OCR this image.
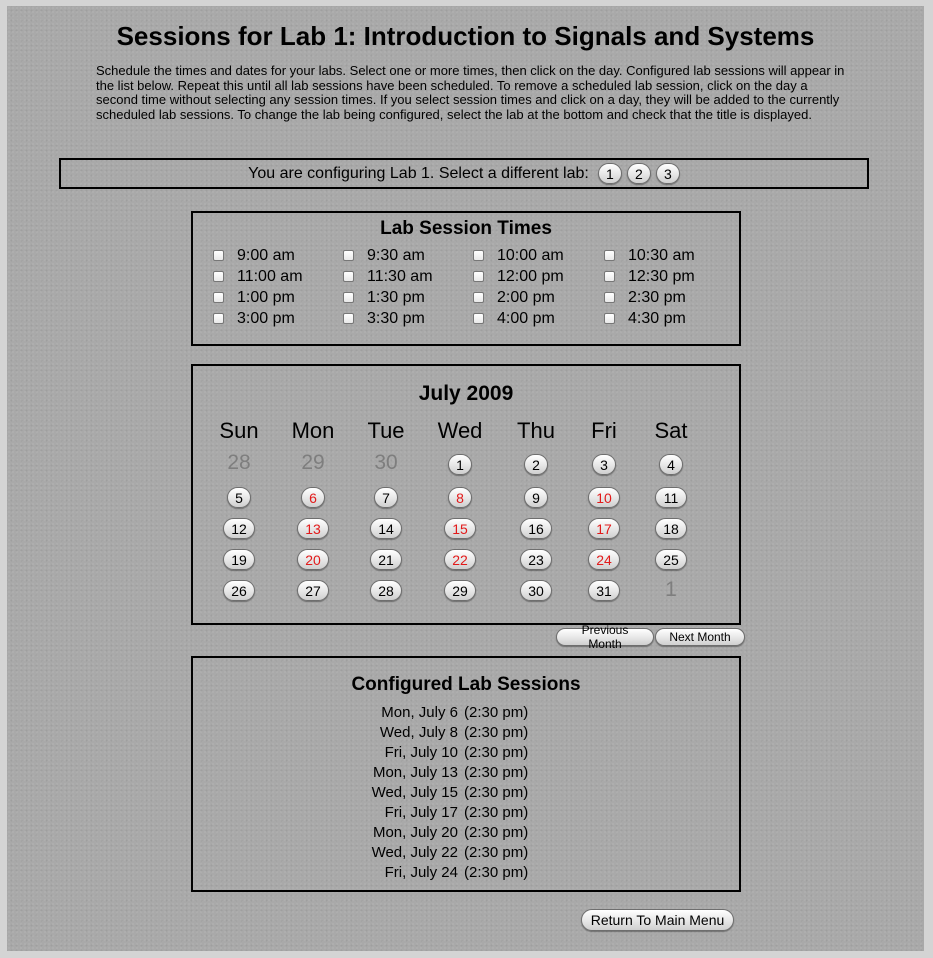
Sessions for Lab 1: Introduction to Signals and Systems

Schedule the times and dates for your labs. Select one or more times, then click on the day. Configured lab sessions will appear in the list below. Repeat this until all lab sessions have been scheduled. To remove a scheduled lab session, click on the day a second time without selecting any session times. If you select session times and click on a day, they will be added to the currently scheduled lab sessions. To change the lab being configured, select the lab at the bottom and check that the title is displayed.

You are configuring Lab 1. Select a different lab:	1	2	3
Lab Session Times
9:00 am	9:30 am	10:00 am	10:30 am
11:00 am	11:30 am	12:00 pm	12:30 pm
1:00 pm	1:30 pm	2:00 pm	2:30 pm
3:00 pm	3:30 pm	4:00 pm	4:30 pm
July 2009
Sun Mon Tue Wed Thu Fri Sat
28 29 30	1	2	3	4
5	6	7	8	9	10	11
12	13	14	15	16	17	18
19	20	21	22	23	24	25
26	27	28	29	30	31	1
Previous Month	Next Month
Configured Lab Sessions
Mon, July 6 (2:30 pm)
Wed, July 8 (2:30 pm)
Fri, July 10 (2:30 pm)
Mon, July 13 (2:30 pm)
Wed, July 15 (2:30 pm)
Fri, July 17 (2:30 pm)
Mon, July 20 (2:30 pm)
Wed, July 22 (2:30 pm)
Fri, July 24 (2:30 pm)
Return To Main Menu
